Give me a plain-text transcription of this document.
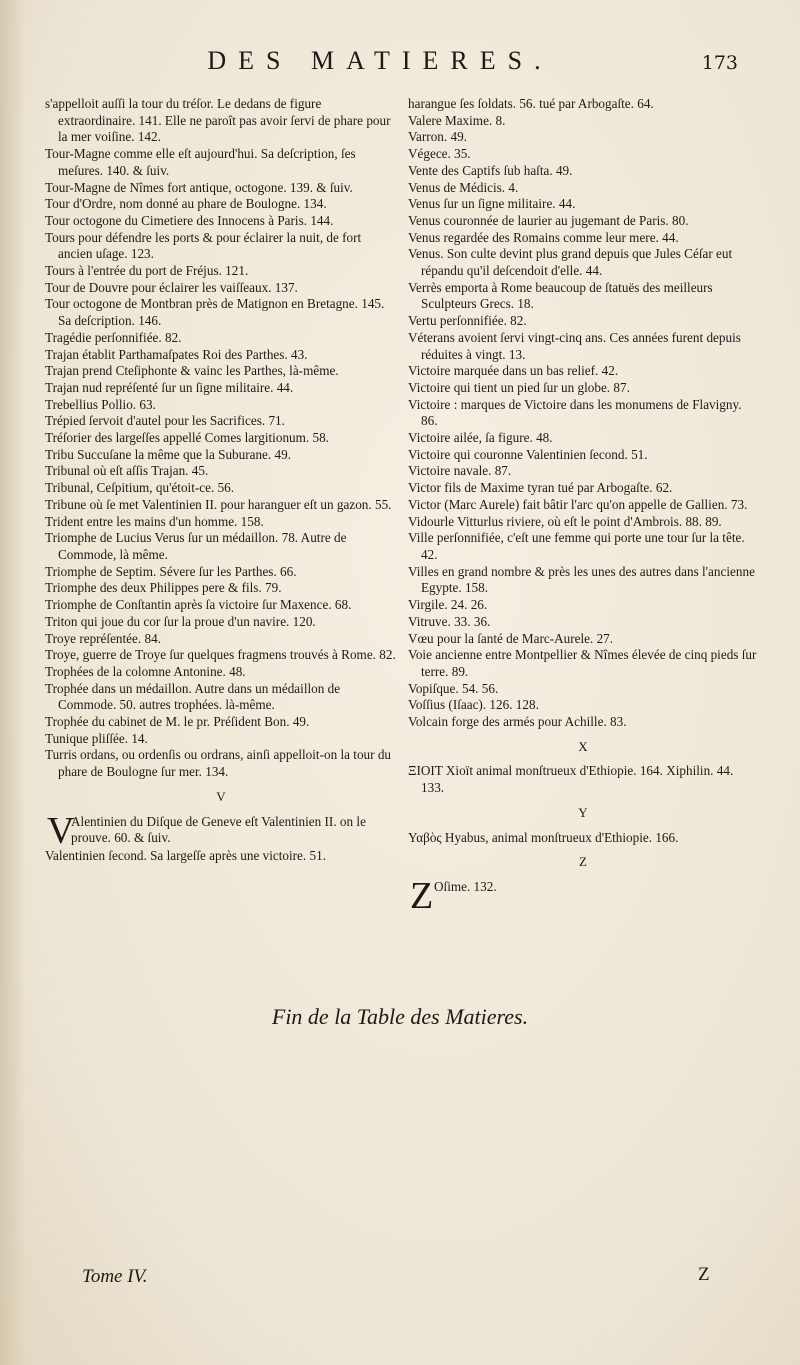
DES MATIERES.	173

s'appelloit auſſi la tour du tréſor. Le dedans de figure extraordinaire. 141. Elle ne paroît pas avoir ſervi de phare pour la mer voiſine. 142.

Tour-Magne comme elle eſt aujourd'hui. Sa deſcription, ſes meſures. 140. & ſuiv.

Tour-Magne de Nîmes fort antique, octogone. 139. & ſuiv.

Tour d'Ordre, nom donné au phare de Boulogne. 134.

Tour octogone du Cimetiere des Innocens à Paris. 144.

Tours pour défendre les ports & pour éclairer la nuit, de fort ancien uſage. 123.

Tours à l'entrée du port de Fréjus. 121.

Tour de Douvre pour éclairer les vaiſſeaux. 137.

Tour octogone de Montbran près de Matignon en Bretagne. 145. Sa deſcription. 146.

Tragédie perſonnifiée. 82.

Trajan établit Parthamaſpates Roi des Parthes. 43.

Trajan prend Cteſiphonte & vainc les Parthes, là-même.

Trajan nud repréſenté ſur un ſigne militaire. 44.

Trebellius Pollio. 63.

Trépied ſervoit d'autel pour les Sacrifices. 71.

Tréſorier des largeſſes appellé Comes largitionum. 58.

Tribu Succuſane la même que la Suburane. 49.

Tribunal où eſt aſſis Trajan. 45.

Tribunal, Ceſpitium, qu'étoit-ce. 56.

Tribune où ſe met Valentinien II. pour haranguer eſt un gazon. 55.

Trident entre les mains d'un homme. 158.

Triomphe de Lucius Verus ſur un médaillon. 78. Autre de Commode, là même.

Triomphe de Septim. Sévere ſur les Parthes. 66.

Triomphe des deux Philippes pere & fils. 79.

Triomphe de Conſtantin après ſa victoire ſur Maxence. 68.

Triton qui joue du cor ſur la proue d'un navire. 120.

Troye repréſentée. 84.

Troye, guerre de Troye ſur quelques fragmens trouvés à Rome. 82.

Trophées de la colomne Antonine. 48.

Trophée dans un médaillon. Autre dans un médaillon de Commode. 50. autres trophées. là-même.

Trophée du cabinet de M. le pr. Préſident Bon. 49.

Tunique pliſſée. 14.

Turris ordans, ou ordenſis ou ordrans, ainſi appelloit-on la tour du phare de Boulogne ſur mer. 134.

V

V
Alentinien du Diſque de Geneve eſt Valentinien II. on le prouve. 60. & ſuiv.

Valentinien ſecond. Sa largeſſe après une victoire. 51.

harangue ſes ſoldats. 56. tué par Arbogaſte. 64.

Valere Maxime. 8.

Varron. 49.

Végece. 35.

Vente des Captifs ſub haſta. 49.

Venus de Médicis. 4.

Venus ſur un ſigne militaire. 44.

Venus couronnée de laurier au jugemant de Paris. 80.

Venus regardée des Romains comme leur mere. 44.

Venus. Son culte devint plus grand depuis que Jules Céſar eut répandu qu'il deſcendoit d'elle. 44.

Verrès emporta à Rome beaucoup de ſtatuës des meilleurs Sculpteurs Grecs. 18.

Vertu perſonnifiée. 82.

Véterans avoient ſervi vingt-cinq ans. Ces années furent depuis réduites à vingt. 13.

Victoire marquée dans un bas relief. 42.

Victoire qui tient un pied ſur un globe. 87.

Victoire : marques de Victoire dans les monumens de Flavigny. 86.

Victoire ailée, ſa figure. 48.

Victoire qui couronne Valentinien ſecond. 51.

Victoire navale. 87.

Victor fils de Maxime tyran tué par Arbogaſte. 62.

Victor (Marc Aurele) fait bâtir l'arc qu'on appelle de Gallien. 73.

Vidourle Vitturlus riviere, où eſt le point d'Ambrois. 88. 89.

Ville perſonnifiée, c'eſt une femme qui porte une tour ſur la tête. 42.

Villes en grand nombre & près les unes des autres dans l'ancienne Egypte. 158.

Virgile. 24. 26.

Vitruve. 33. 36.

Vœu pour la ſanté de Marc-Aurele. 27.

Voie ancienne entre Montpellier & Nîmes élevée de cinq pieds ſur terre. 89.

Vopiſque. 54. 56.

Voſſius (Iſaac). 126. 128.

Volcain forge des armés pour Achille. 83.

X

ΞΙΟΙΤ Xioït animal monſtrueux d'Ethiopie. 164. Xiphilin. 44. 133.

Y

Υαβὸς Hyabus, animal monſtrueux d'Ethiopie. 166.

Z

Z Oſime. 132.

Fin de la Table des Matieres.
Tome IV.	Z
